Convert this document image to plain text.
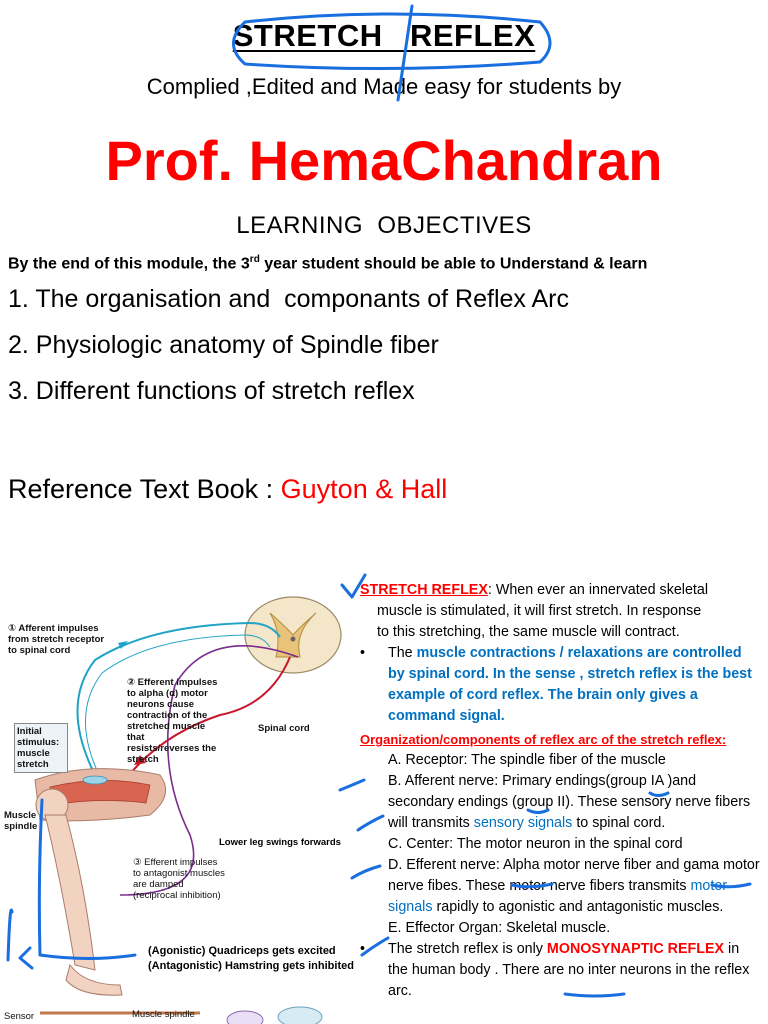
STRETCH   REFLEX
Complied ,Edited and Made easy for students by
Prof. HemaChandran
LEARNING  OBJECTIVES
By the end of this module, the 3rd year student should be able to Understand & learn
1. The organisation and  componants of Reflex Arc
2. Physiologic anatomy of Spindle fiber
3. Different functions of stretch reflex
Reference Text Book : Guyton & Hall
① Afferent impulses from stretch receptor to spinal cord
② Efferent impulses to alpha (α) motor neurons cause contraction of the stretched muscle that resists/reverses the stretch
Spinal cord
Initial stimulus: muscle stretch
Muscle spindle
③ Efferent impulses to antagonist muscles are damped (reciprocal inhibition)
Sensor	Muscle spindle
Lower leg swings forwards
(Agonistic) Quadriceps gets excited
(Antagonistic) Hamstring gets inhibited

STRETCH REFLEX: When ever an innervated skeletal

muscle is stimulated, it will first stretch. In response

to this stretching, the same muscle will contract.

• The muscle contractions / relaxations are controlled by spinal cord. In the sense , stretch reflex is the best example of cord reflex. The brain only gives a command signal.

Organization/components of reflex arc of the stretch reflex:

A. Receptor: The spindle fiber of the muscle

B. Afferent nerve: Primary endings(group IA )and secondary endings (group II). These sensory nerve fibers will transmits sensory signals to spinal cord.

C. Center: The motor neuron in the spinal cord

D. Efferent nerve: Alpha motor nerve fiber and gama motor nerve fibes. These motor nerve fibers transmits motor signals rapidly to agonistic and antagonistic muscles.

E. Effector Organ: Skeletal muscle.

• The stretch reflex is only MONOSYNAPTIC REFLEX in the human body . There are no inter neurons in the reflex arc.
